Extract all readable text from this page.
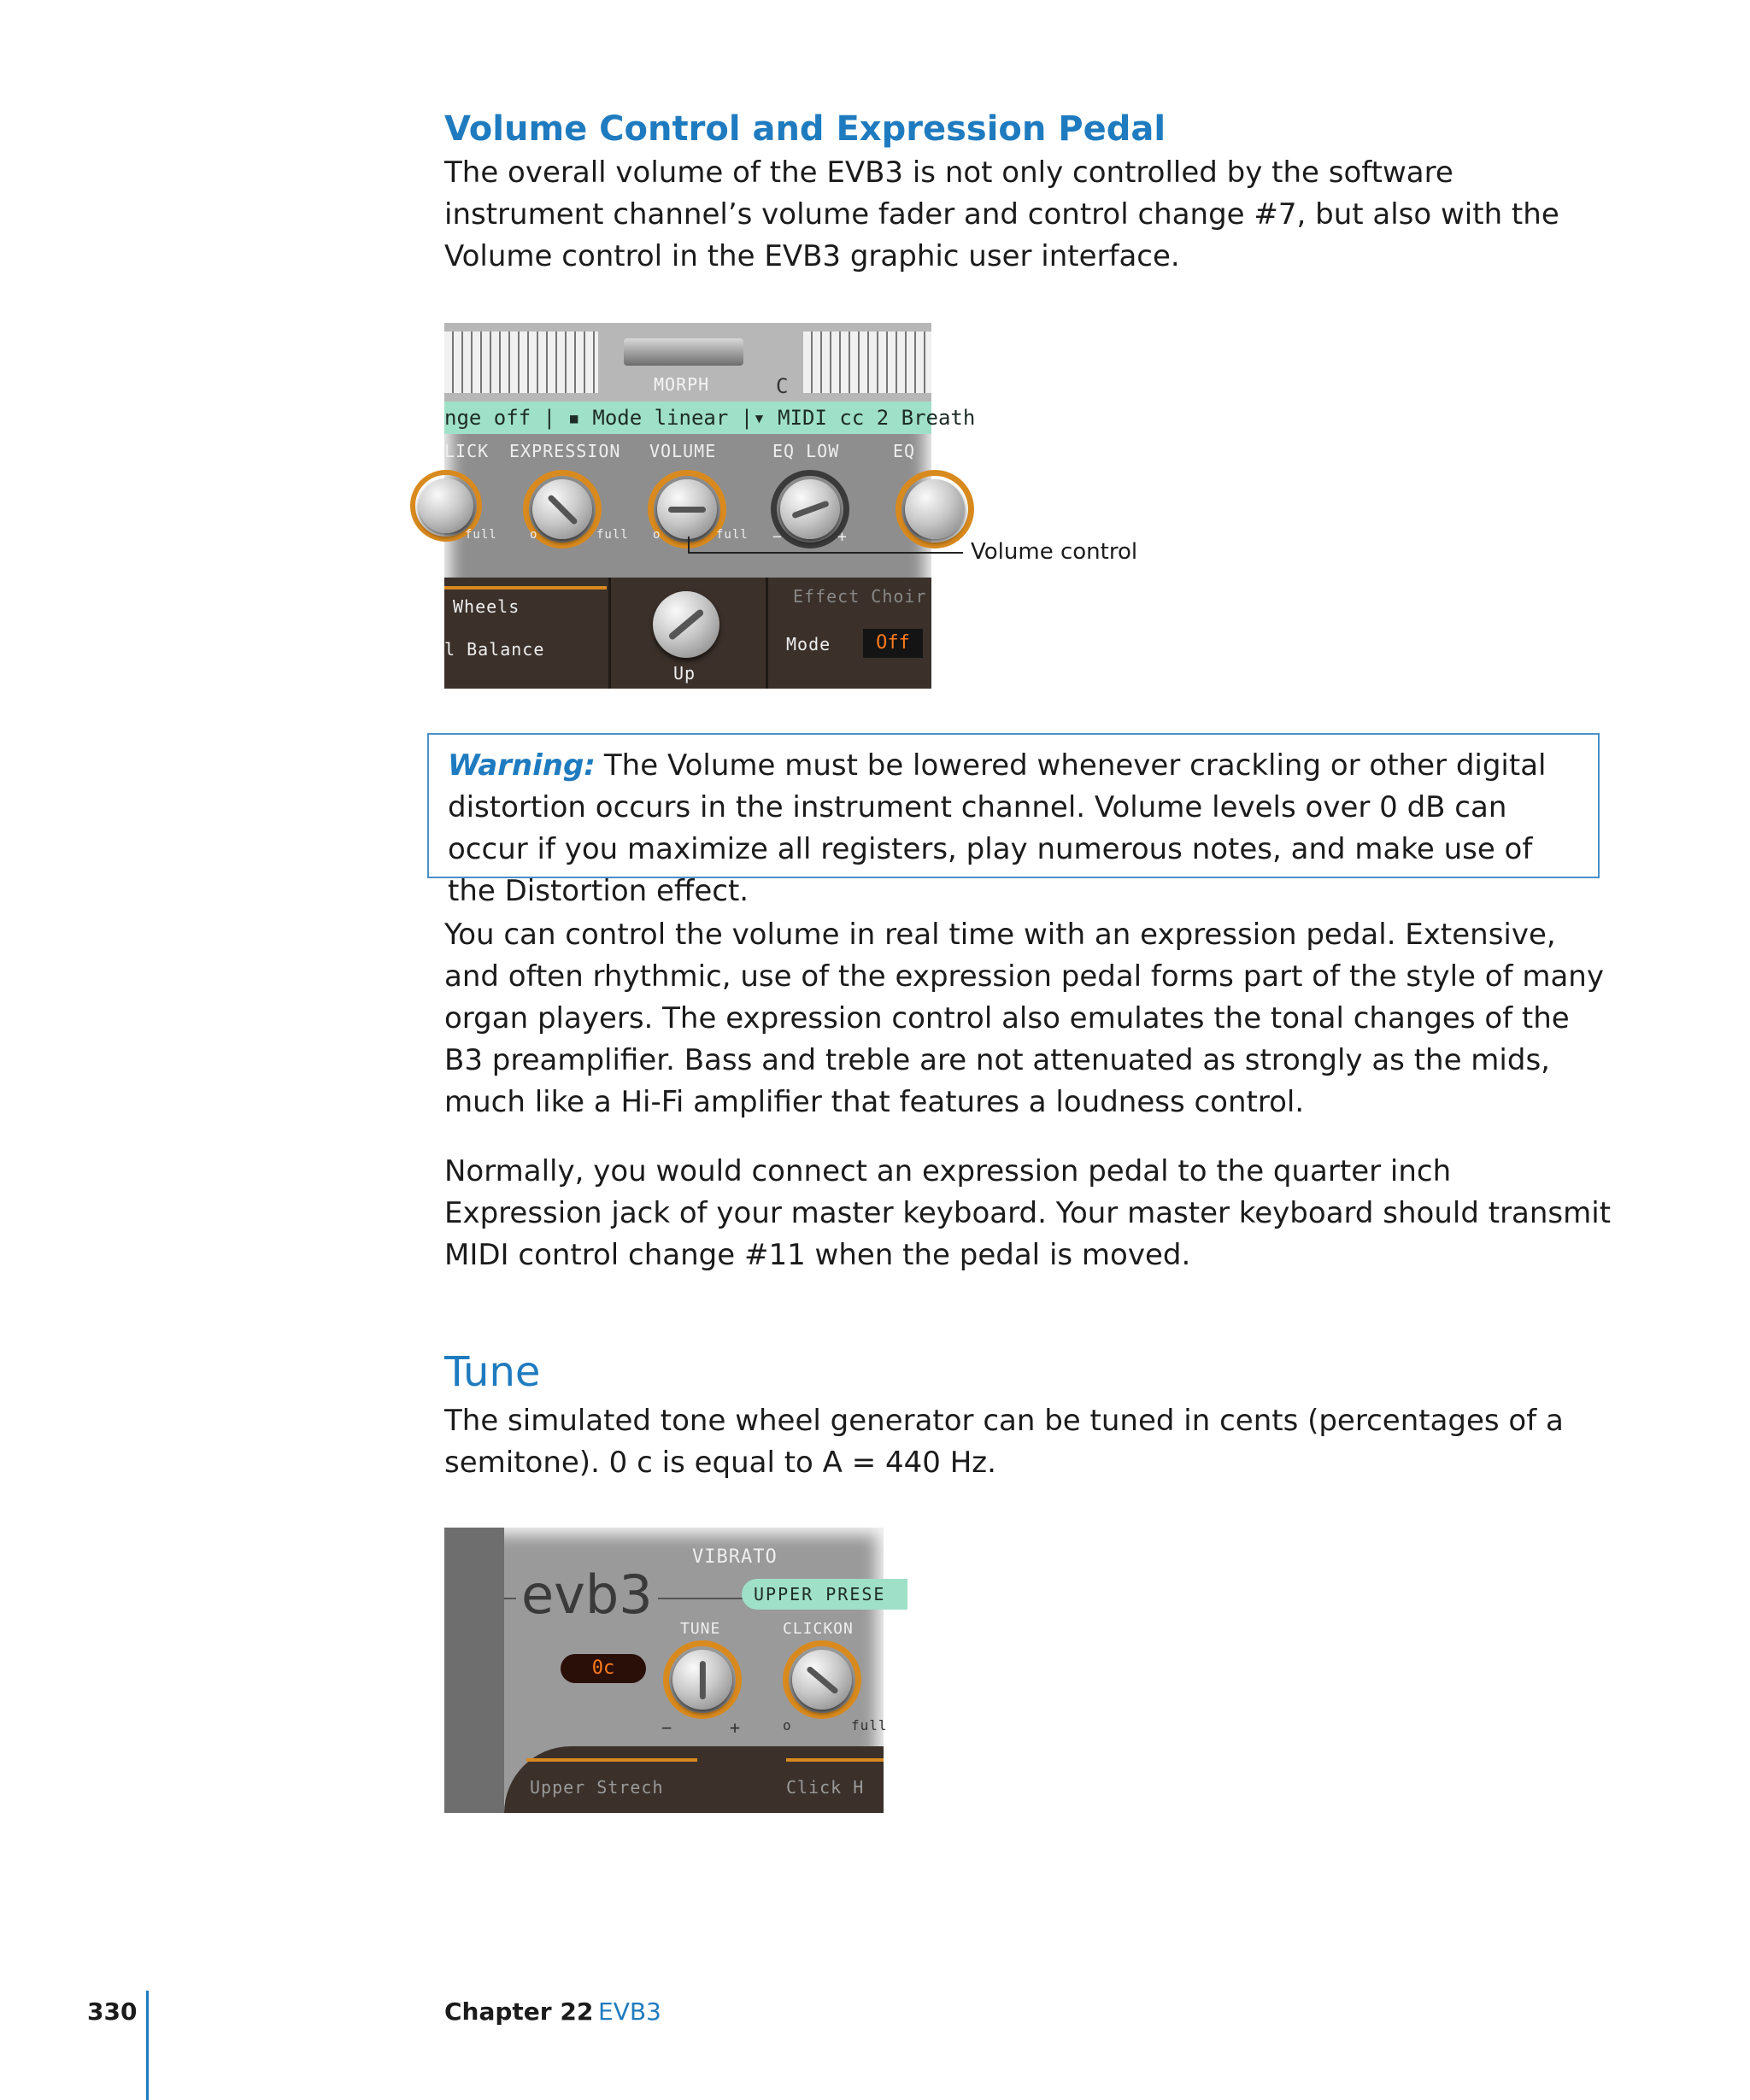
Volume Control and Expression Pedal

The overall volume of the EVB3 is not only controlled by the software instrument channel’s volume fader and control change #7, but also with the Volume control in the EVB3 graphic user interface.

MORPH	C
nge off | ▪ Mode linear |▾ MIDI cc 2 Breath
LICK EXPRESSION VOLUME	EQ LOW	EQ
full	o	full o	full −	+
Wheels
l Balance
Up
Effect Choir
Mode	Off
Volume control

Warning: The Volume must be lowered whenever crackling or other digital distortion occurs in the instrument channel. Volume levels over 0 dB can occur if you maximize all registers, play numerous notes, and make use of the Distortion effect.

You can control the volume in real time with an expression pedal. Extensive, and often rhythmic, use of the expression pedal forms part of the style of many organ players. The expression control also emulates the tonal changes of the B3 preamplifier. Bass and treble are not attenuated as strongly as the mids, much like a Hi-Fi amplifier that features a loudness control.

Normally, you would connect an expression pedal to the quarter inch Expression jack of your master keyboard. Your master keyboard should transmit MIDI control change #11 when the pedal is moved.

Tune

The simulated tone wheel generator can be tuned in cents (percentages of a semitone). 0 c is equal to A = 440 Hz.

VIBRATO
evb3	UPPER PRESE
TUNE	CLICKON
0c
−	+	o	full
Upper Strech	Click H
330	Chapter 22 EVB3
